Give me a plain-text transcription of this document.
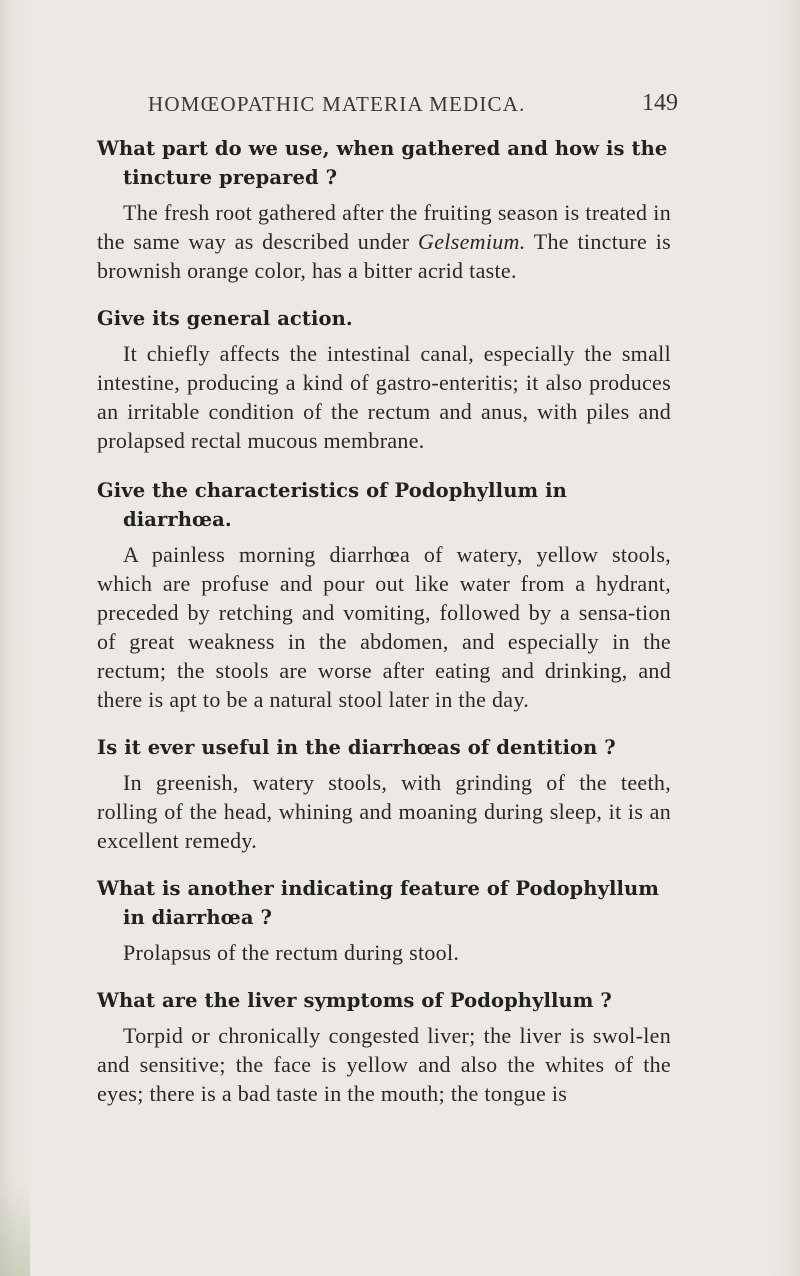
HOMŒOPATHIC MATERIA MEDICA.	149

What part do we use, when gathered and how is the tincture prepared ?

The fresh root gathered after the fruiting season is treated in the same way as described under Gelsemium. The tincture is brownish orange color, has a bitter acrid taste.

Give its general action.

It chiefly affects the intestinal canal, especially the small intestine, producing a kind of gastro-enteritis; it also produces an irritable condition of the rectum and anus, with piles and prolapsed rectal mucous membrane.

Give the characteristics of Podophyllum in diarrhœa.

A painless morning diarrhœa of watery, yellow stools, which are profuse and pour out like water from a hydrant, preceded by retching and vomiting, followed by a sensa-tion of great weakness in the abdomen, and especially in the rectum; the stools are worse after eating and drinking, and there is apt to be a natural stool later in the day.

Is it ever useful in the diarrhœas of dentition ?

In greenish, watery stools, with grinding of the teeth, rolling of the head, whining and moaning during sleep, it is an excellent remedy.

What is another indicating feature of Podophyllum in diarrhœa ?

Prolapsus of the rectum during stool.

What are the liver symptoms of Podophyllum ?

Torpid or chronically congested liver; the liver is swol-len and sensitive; the face is yellow and also the whites of the eyes; there is a bad taste in the mouth; the tongue is
